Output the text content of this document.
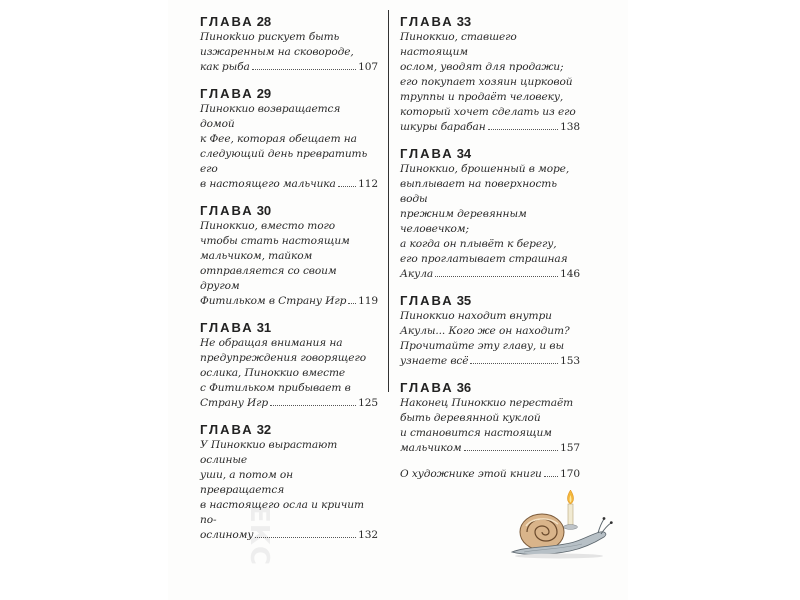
ЕКС
ГЛАВА 28
Пинокkио рискует быть
изжаренным на сковороде,
как рыба	107
ГЛАВА 29
Пиноккио возвращается домой
к Фее, которая обещает на
следующий день превратить его
в настоящего мальчика 112
ГЛАВА 30
Пиноккио, вместо того
чтобы стать настоящим
мальчиком, тайком
отправляется со своим другом
Фитильком в Страну Игр 119
ГЛАВА 31
Не обращая внимания на
предупреждения говорящего
ослика, Пиноккио вместе
с Фитильком прибывает в
Страну Игр	125
ГЛАВА 32
У Пиноккио вырастают ослиные
уши, а потом он превращается
в настоящего осла и кричит по-
ослиному	132
ГЛАВА 33
Пиноккио, ставшего настоящим
ослом, уводят для продажи;
его покупает хозяин цирковой
труппы и продаёт человеку,
который хочет сделать из его
шкуры барабан	138
ГЛАВА 34
Пиноккио, брошенный в море,
выплывает на поверхность воды
прежним деревянным человечком;
а когда он плывёт к берегу,
его проглатывает страшная
Акула	146
ГЛАВА 35
Пиноккио находит внутри
Акулы... Кого же он находит?
Прочитайте эту главу, и вы
узнаете всё	153
ГЛАВА 36
Наконец Пиноккио перестаёт
быть деревянной куклой
и становится настоящим
мальчиком	157
О художнике этой книги 170
